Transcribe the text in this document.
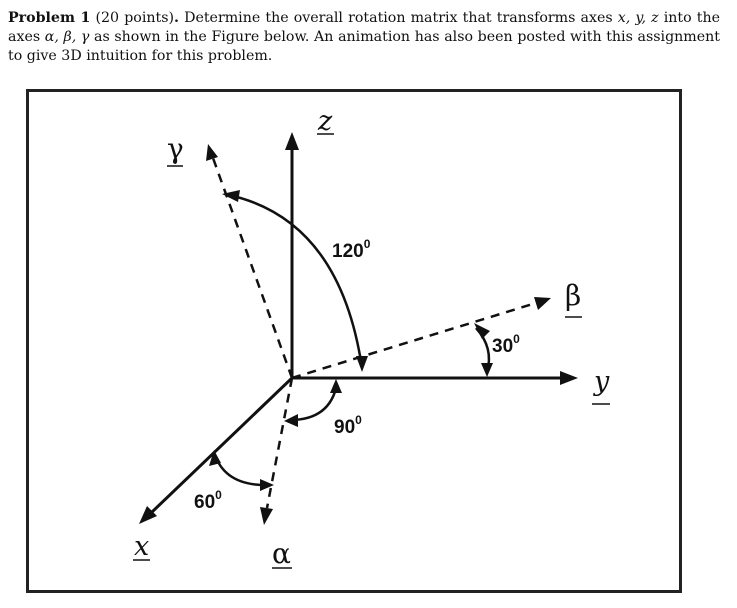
Problem 1 (20 points). Determine the overall rotation matrix that transforms axes x, y, z into the axes α, β, γ as shown in the Figure below. An animation has also been posted with this assignment to give 3D intuition for this problem.
z
y
x
γ
β
α
$120^0$
$30^0$
$90^0$
$60^0$
